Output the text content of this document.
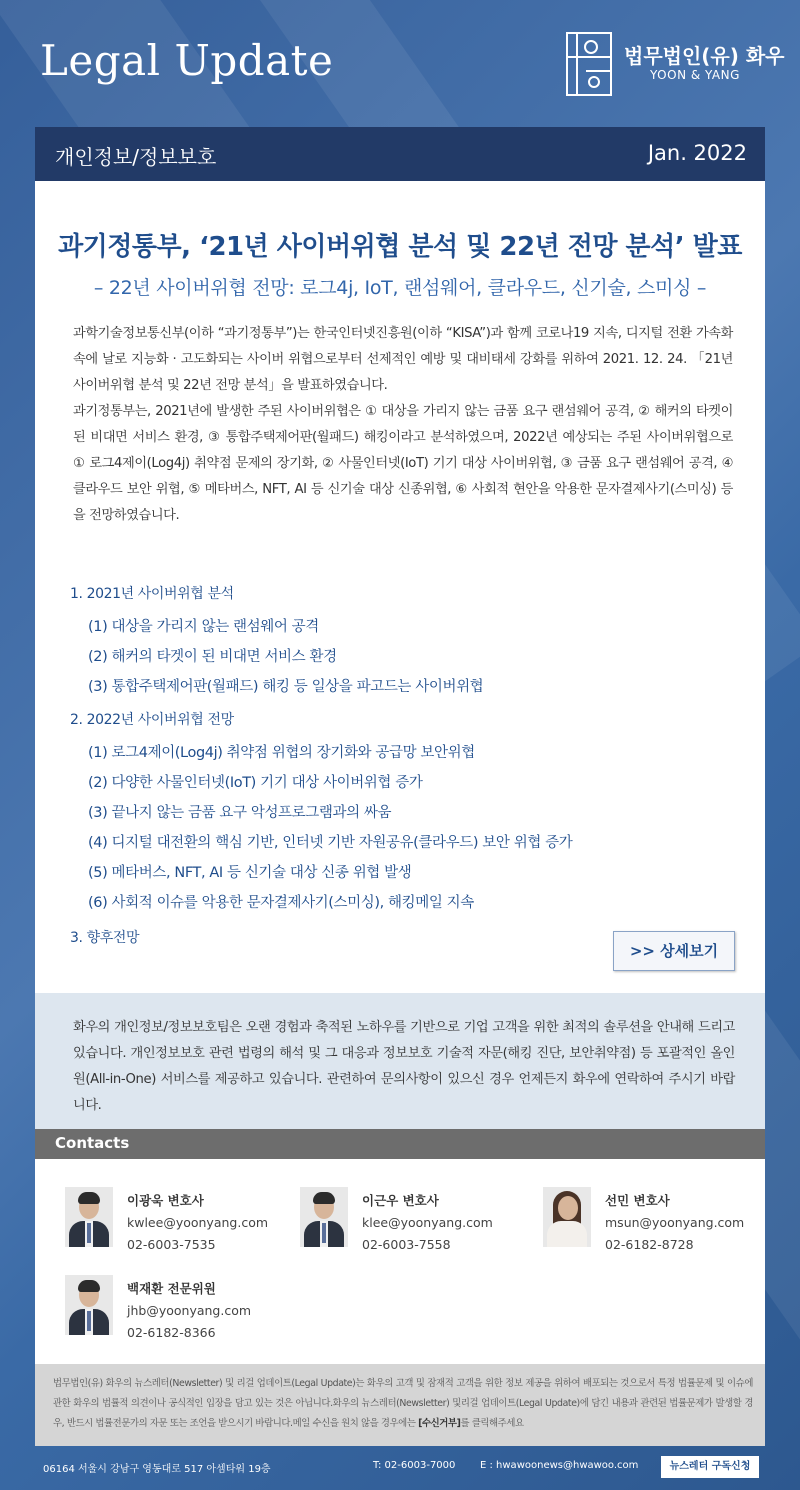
Legal Update	법무법인(유) 화우
YOON & YANG
개인정보/정보보호	Jan. 2022
과기정통부, ‘21년 사이버위협 분석 및 22년 전망 분석’ 발표
– 22년 사이버위협 전망: 로그4j, IoT, 랜섬웨어, 클라우드, 신기술, 스미싱 –
과학기술정보통신부(이하 “과기정통부”)는 한국인터넷진흥원(이하 “KISA”)과 함께 코로나19 지속, 디지털 전환 가속화 속에 날로 지능화 · 고도화되는 사이버 위협으로부터 선제적인 예방 및 대비태세 강화를 위하여 2021. 12. 24. 「21년 사이버위협 분석 및 22년 전망 분석」을 발표하였습니다.
과기정통부는, 2021년에 발생한 주된 사이버위협은 ① 대상을 가리지 않는 금품 요구 랜섬웨어 공격, ② 해커의 타켓이 된 비대면 서비스 환경, ③ 통합주택제어판(월패드) 해킹이라고 분석하였으며, 2022년 예상되는 주된 사이버위협으로 ① 로그4제이(Log4j) 취약점 문제의 장기화, ② 사물인터넷(IoT) 기기 대상 사이버위협, ③ 금품 요구 랜섬웨어 공격, ④ 클라우드 보안 위협, ⑤ 메타버스, NFT, AI 등 신기술 대상 신종위협, ⑥ 사회적 현안을 악용한 문자결제사기(스미싱) 등을 전망하였습니다.
1. 2021년 사이버위협 분석
(1) 대상을 가리지 않는 랜섬웨어 공격
(2) 해커의 타겟이 된 비대면 서비스 환경
(3) 통합주택제어판(월패드) 해킹 등 일상을 파고드는 사이버위협
2. 2022년 사이버위협 전망
(1) 로그4제이(Log4j) 취약점 위협의 장기화와 공급망 보안위협
(2) 다양한 사물인터넷(IoT) 기기 대상 사이버위협 증가
(3) 끝나지 않는 금품 요구 악성프로그램과의 싸움
(4) 디지털 대전환의 핵심 기반, 인터넷 기반 자원공유(클라우드) 보안 위협 증가
(5) 메타버스, NFT, AI 등 신기술 대상 신종 위협 발생
(6) 사회적 이슈를 악용한 문자결제사기(스미싱), 해킹메일 지속
3. 향후전망
>> 상세보기
화우의 개인정보/정보보호팀은 오랜 경험과 축적된 노하우를 기반으로 기업 고객을 위한 최적의 솔루션을 안내해 드리고 있습니다. 개인정보보호 관련 법령의 해석 및 그 대응과 정보보호 기술적 자문(해킹 진단, 보안취약점) 등 포괄적인 올인원(All-in-One) 서비스를 제공하고 있습니다. 관련하여 문의사항이 있으신 경우 언제든지 화우에 연락하여 주시기 바랍니다.
Contacts
이광욱 변호사
kwlee@yoonyang.com
02-6003-7535
이근우 변호사
klee@yoonyang.com
02-6003-7558
선민 변호사
msun@yoonyang.com
02-6182-8728
백재환 전문위원
jhb@yoonyang.com
02-6182-8366
법무법인(유) 화우의 뉴스레터(Newsletter) 및 리걸 업데이트(Legal Update)는 화우의 고객 및 잠재적 고객을 위한 정보 제공을 위하여 배포되는 것으로서 특정 법률문제 및 이슈에 관한 화우의 법률적 의견이나 공식적인 입장을 담고 있는 것은 아닙니다.화우의 뉴스레터(Newsletter) 및리걸 업데이트(Legal Update)에 담긴 내용과 관련된 법률문제가 발생할 경우, 반드시 법률전문가의 자문 또는 조언을 받으시기 바랍니다.메일 수신을 원치 않을 경우에는 [수신거부]를 클릭해주세요
06164 서울시 강남구 영동대로 517 아셈타워 19층	T: 02-6003-7000 E : hwawoonews@hwawoo.com	뉴스레터 구독신청
